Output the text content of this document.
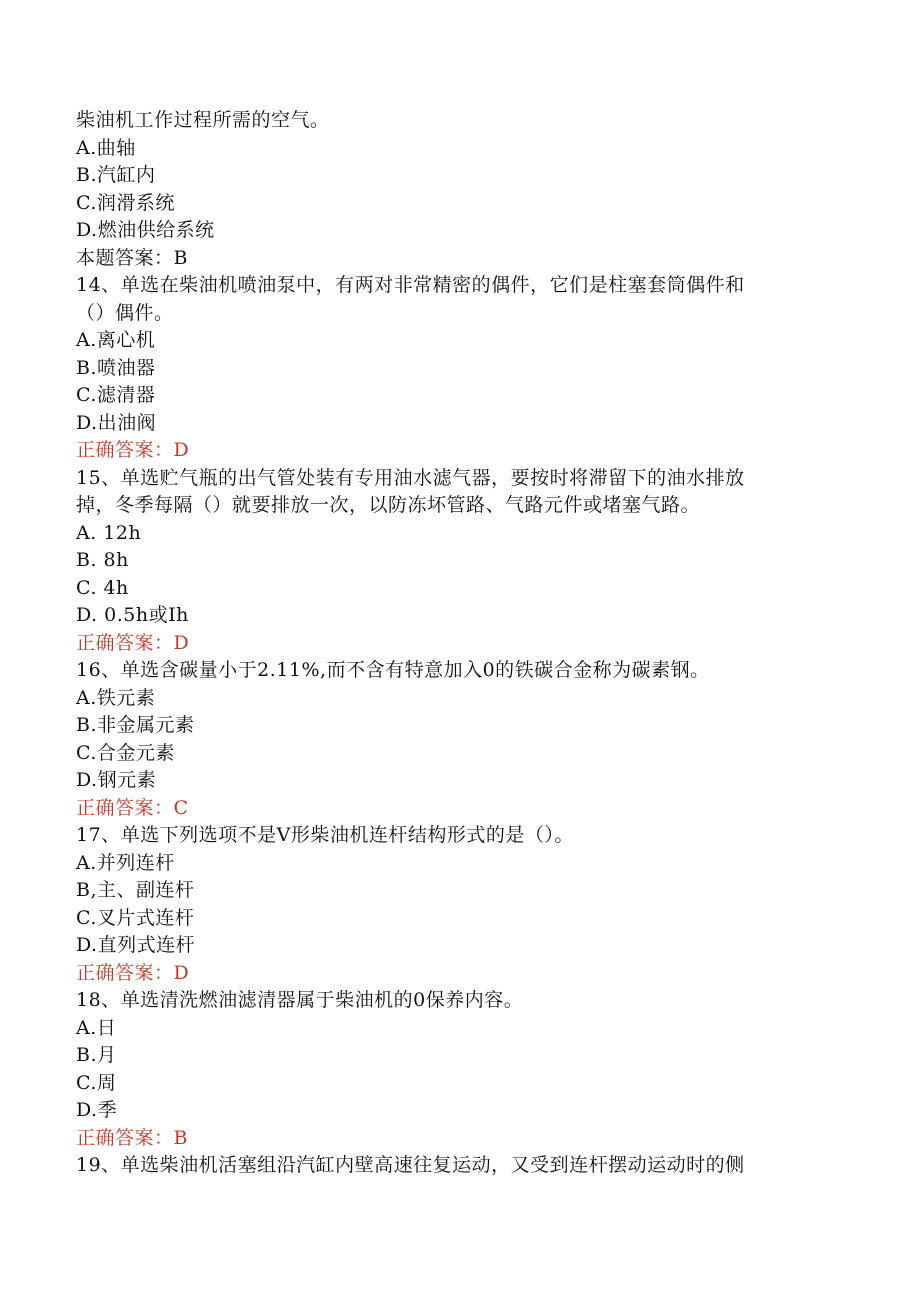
柴油机工作过程所需的空气。
A.曲轴
B.汽缸内
C.润滑系统
D.燃油供给系统
本题答案：B
14、单选在柴油机喷油泵中，有两对非常精密的偶件，它们是柱塞套筒偶件和
（）偶件。
A.离心机
B.喷油器
C.滤清器
D.出油阀
正确答案：D
15、单选贮气瓶的出气管处装有专用油水滤气器，要按时将滞留下的油水排放
掉，冬季每隔（）就要排放一次，以防冻坏管路、气路元件或堵塞气路。
A. 12h
B. 8h
C. 4h
D. 0.5h或Ih
正确答案：D
16、单选含碳量小于2.11%,而不含有特意加入0的铁碳合金称为碳素钢。
A.铁元素
B.非金属元素
C.合金元素
D.钢元素
正确答案：C
17、单选下列选项不是V形柴油机连杆结构形式的是（）。
A.并列连杆
B,主、副连杆
C.叉片式连杆
D.直列式连杆
正确答案：D
18、单选清洗燃油滤清器属于柴油机的0保养内容。
A.日
B.月
C.周
D.季
正确答案：B
19、单选柴油机活塞组沿汽缸内壁高速往复运动，又受到连杆摆动运动时的侧
